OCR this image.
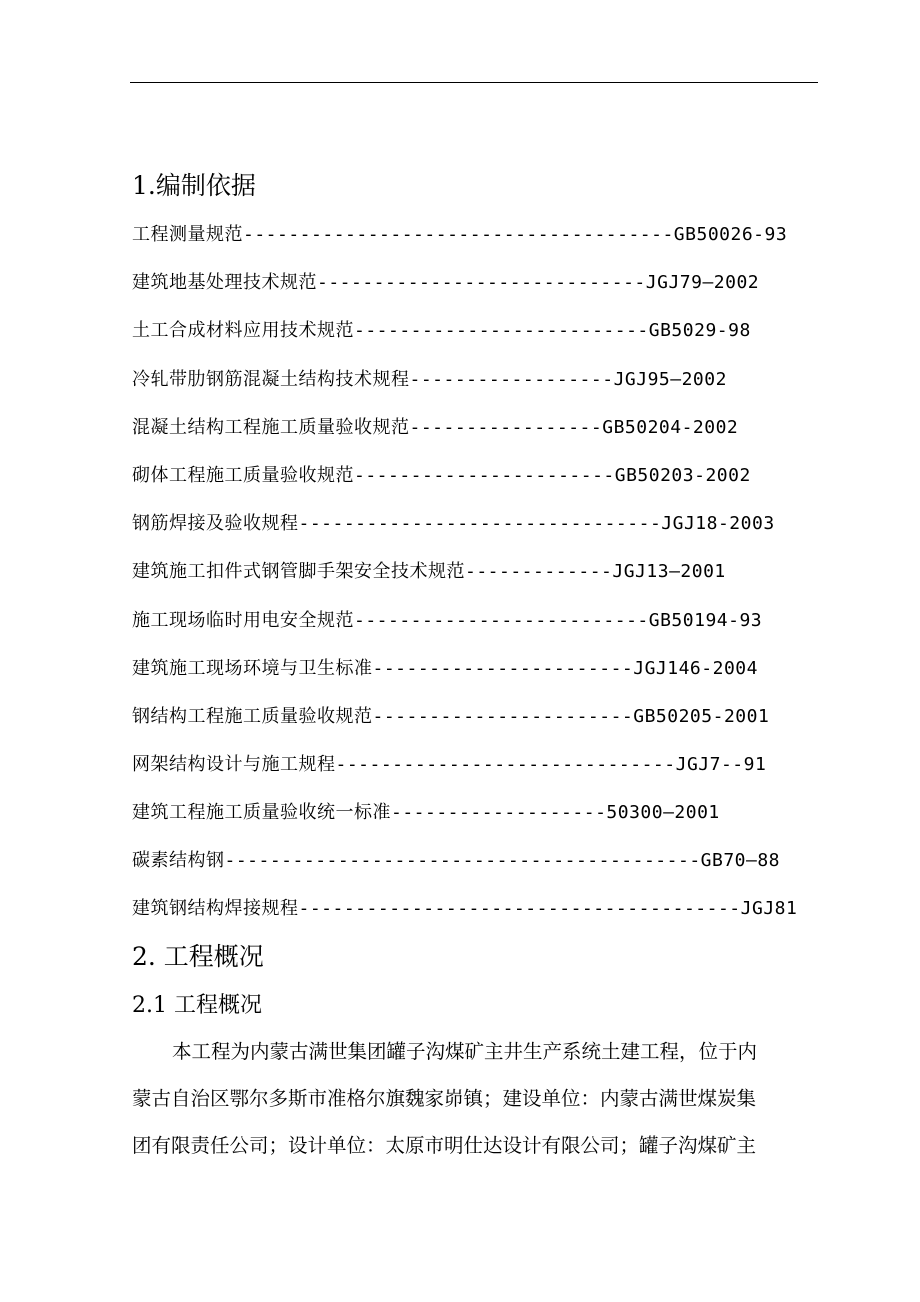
1.编制依据
工程测量规范--------------------------------------GB50026-93
建筑地基处理技术规范-----------------------------JGJ79—2002
土工合成材料应用技术规范--------------------------GB5029-98
冷轧带肋钢筋混凝土结构技术规程------------------JGJ95—2002
混凝土结构工程施工质量验收规范-----------------GB50204-2002
砌体工程施工质量验收规范-----------------------GB50203-2002
钢筋焊接及验收规程--------------------------------JGJ18-2003
建筑施工扣件式钢管脚手架安全技术规范-------------JGJ13—2001
施工现场临时用电安全规范--------------------------GB50194-93
建筑施工现场环境与卫生标准-----------------------JGJ146-2004
钢结构工程施工质量验收规范-----------------------GB50205-2001
网架结构设计与施工规程------------------------------JGJ7--91
建筑工程施工质量验收统一标准-------------------50300—2001
碳素结构钢------------------------------------------GB70—88
建筑钢结构焊接规程---------------------------------------JGJ81
2. 工程概况
2.1 工程概况
本工程为内蒙古满世集团罐子沟煤矿主井生产系统土建工程，位于内
蒙古自治区鄂尔多斯市准格尔旗魏家峁镇；建设单位：内蒙古满世煤炭集
团有限责任公司；设计单位：太原市明仕达设计有限公司；罐子沟煤矿主
